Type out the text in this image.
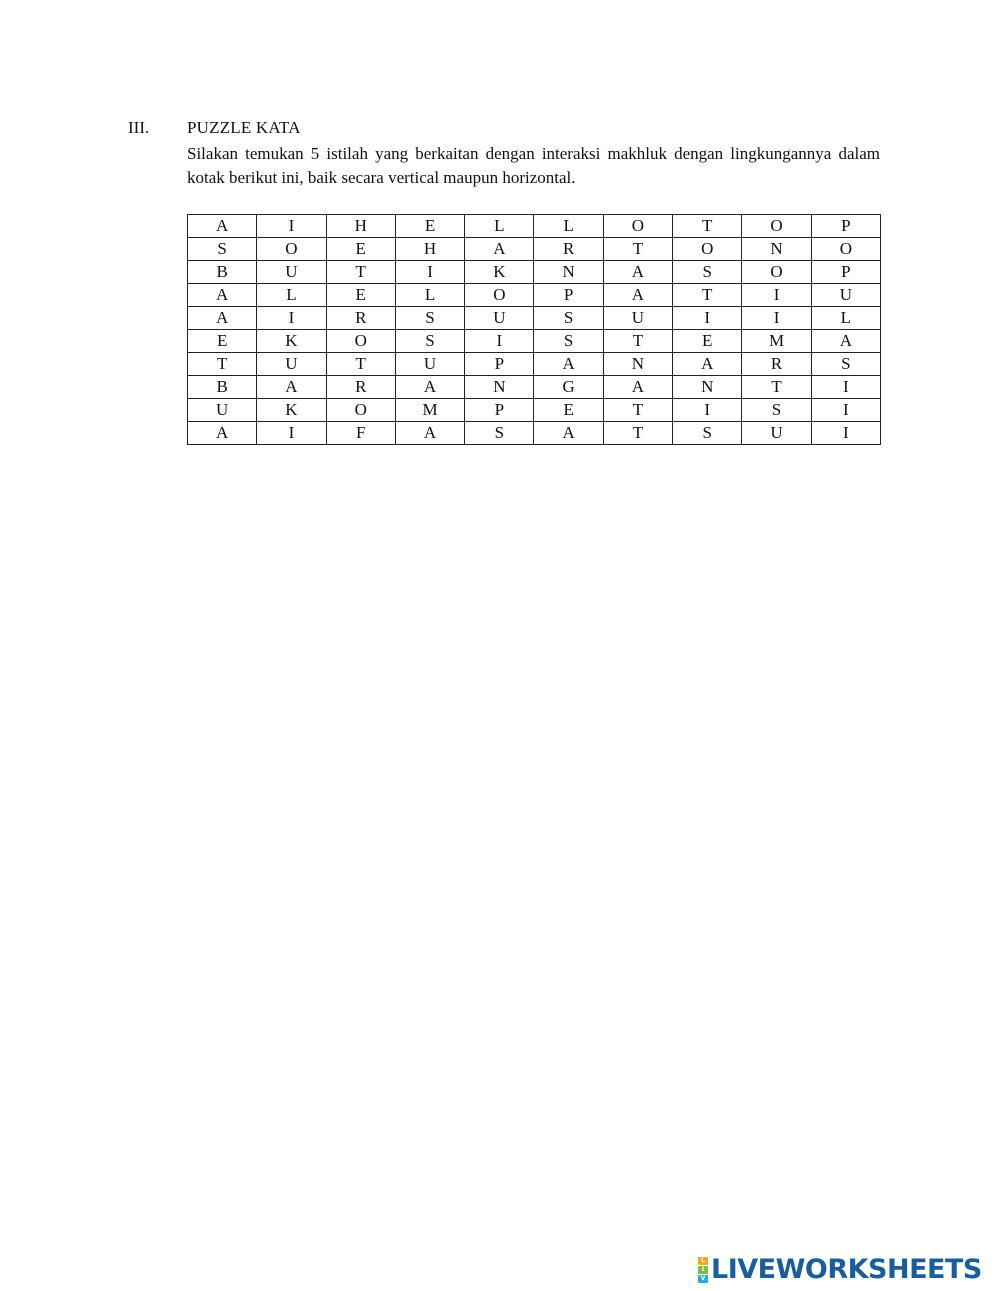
III. PUZZLE KATA
Silakan temukan 5 istilah yang berkaitan dengan interaksi makhluk dengan lingkungannya dalam kotak berikut ini, baik secara vertical maupun horizontal.
A	I	H	E	L	L	O	T	O	P
S	O	E	H	A	R	T	O	N	O
B	U	T	I	K	N	A	S	O	P
A	L	E	L	O	P	A	T	I	U
A	I	R	S	U	S	U	I	I	L
E	K	O	S	I	S	T	E	M	A
T	U	T	U	P	A	N	A	R	S
B	A	R	A	N	G	A	N	T	I
U	K	O	M	P	E	T	I	S	I
A	I	F	A	S	A	T	S	U	I
L
I
V LIVEWORKSHEETS
